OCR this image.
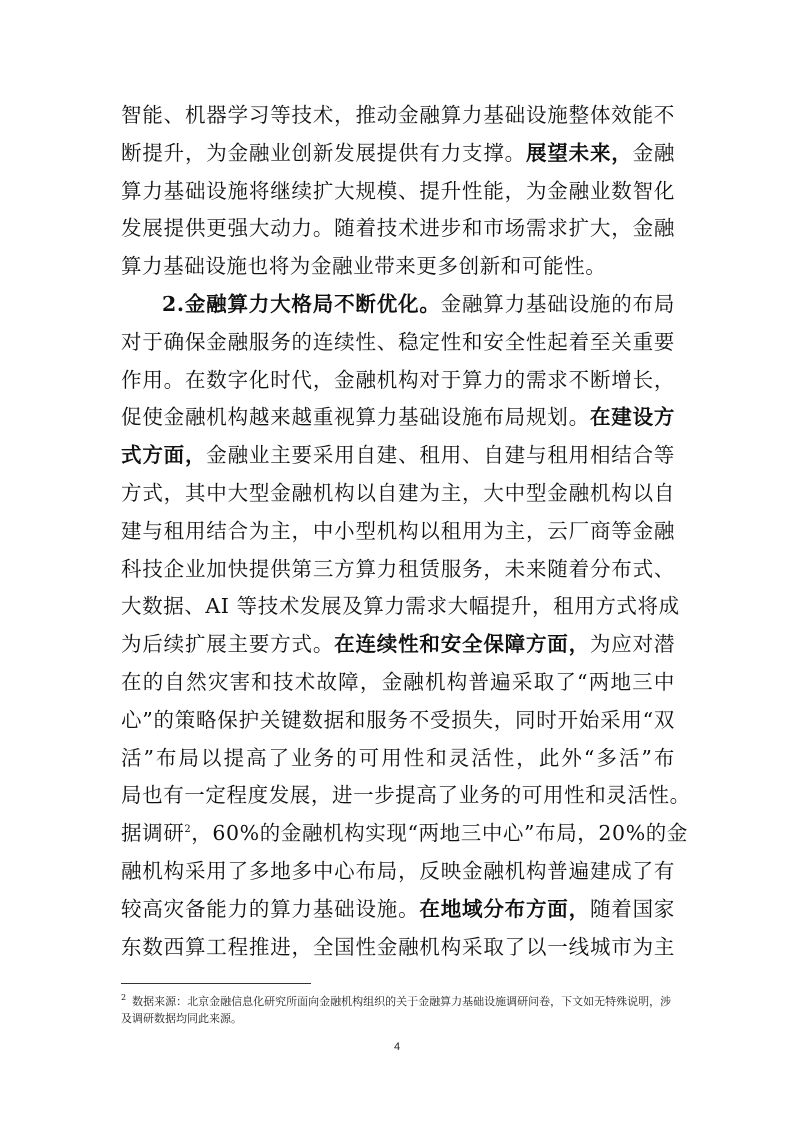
智能、机器学习等技术，推动金融算力基础设施整体效能不
断提升，为金融业创新发展提供有力支撑。展望未来，金融
算力基础设施将继续扩大规模、提升性能，为金融业数智化
发展提供更强大动力。随着技术进步和市场需求扩大，金融
算力基础设施也将为金融业带来更多创新和可能性。
2.金融算力大格局不断优化。金融算力基础设施的布局
对于确保金融服务的连续性、稳定性和安全性起着至关重要
作用。在数字化时代，金融机构对于算力的需求不断增长，
促使金融机构越来越重视算力基础设施布局规划。在建设方
式方面，金融业主要采用自建、租用、自建与租用相结合等
方式，其中大型金融机构以自建为主，大中型金融机构以自
建与租用结合为主，中小型机构以租用为主，云厂商等金融
科技企业加快提供第三方算力租赁服务，未来随着分布式、
大数据、AI 等技术发展及算力需求大幅提升，租用方式将成
为后续扩展主要方式。在连续性和安全保障方面，为应对潜
在的自然灾害和技术故障，金融机构普遍采取了“两地三中
心”的策略保护关键数据和服务不受损失，同时开始采用“双
活”布局以提高了业务的可用性和灵活性，此外“多活”布
局也有一定程度发展，进一步提高了业务的可用性和灵活性。
据调研$^2$，60%的金融机构实现“两地三中心”布局，20%的金
融机构采用了多地多中心布局，反映金融机构普遍建成了有
较高灾备能力的算力基础设施。在地域分布方面，随着国家
东数西算工程推进，全国性金融机构采取了以一线城市为主
$^2$ 数据来源：北京金融信息化研究所面向金融机构组织的关于金融算力基础设施调研问卷，下文如无特殊说明，涉及调研数据均同此来源。
4
